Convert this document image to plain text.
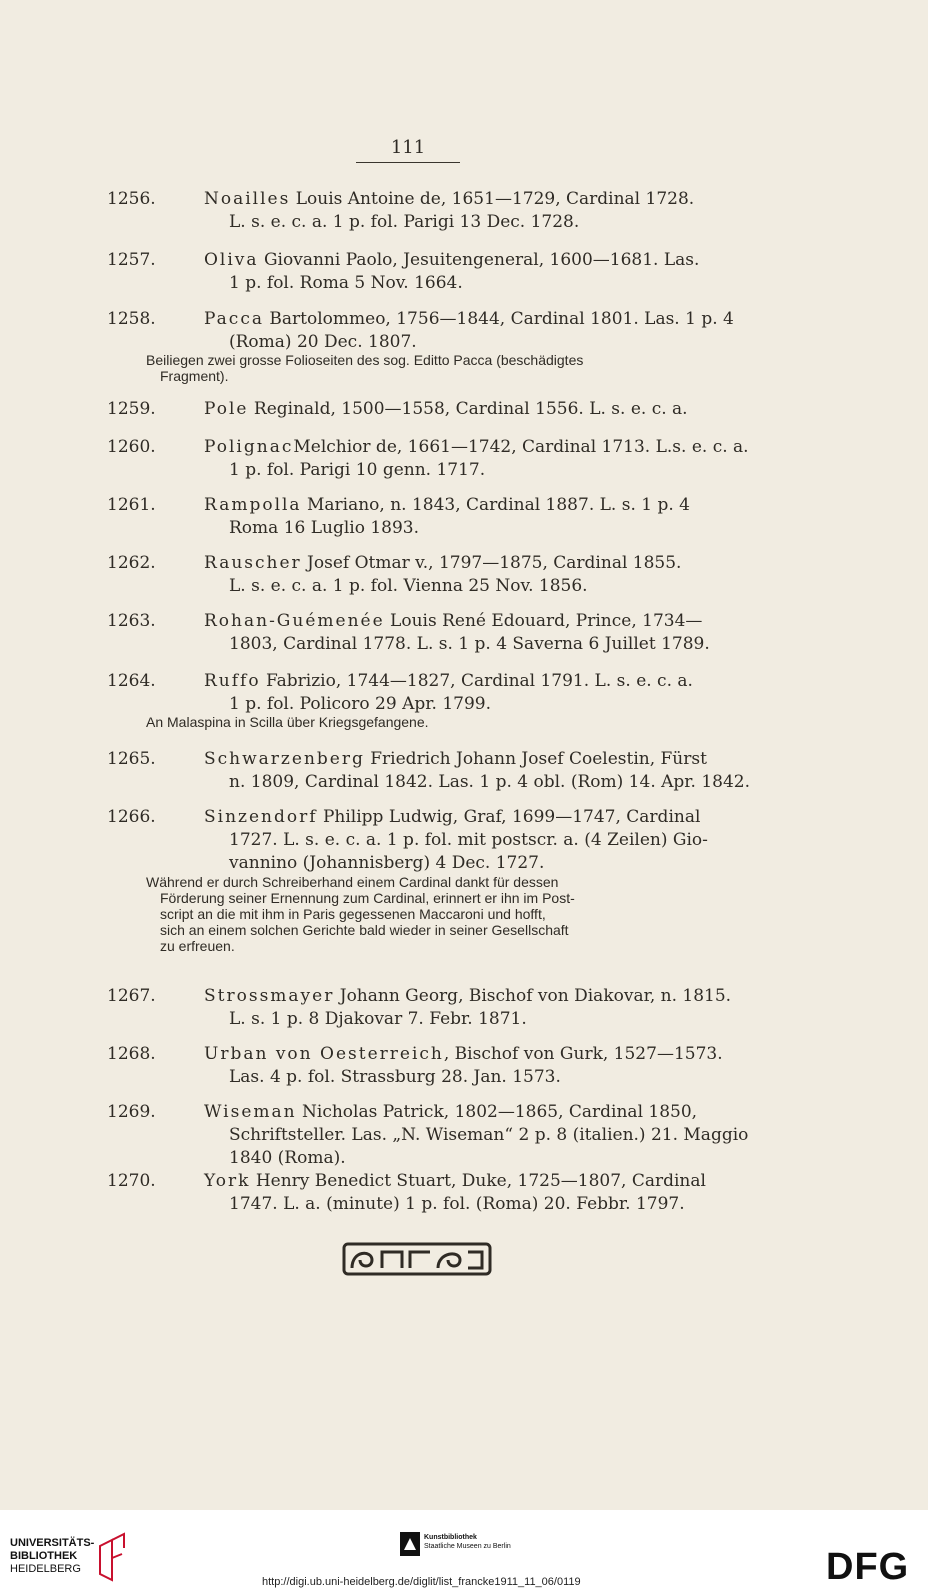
111
1256.	Noailles Louis Antoine de, 1651—1729, Cardinal 1728.
L. s. e. c. a. 1 p. fol. Parigi 13 Dec. 1728.
1257.	Oliva Giovanni Paolo, Jesuitengeneral, 1600—1681. Las.
1 p. fol. Roma 5 Nov. 1664.
1258.	Pacca Bartolommeo, 1756—1844, Cardinal 1801. Las. 1 p. 4
(Roma) 20 Dec. 1807.
Beiliegen zwei grosse Folioseiten des sog. Editto Pacca (beschädigtes
Fragment).
1259.	Pole Reginald, 1500—1558, Cardinal 1556. L. s. e. c. a.
1260.	PolignacMelchior de, 1661—1742, Cardinal 1713. L.s. e. c. a.
1 p. fol. Parigi 10 genn. 1717.
1261.	Rampolla Mariano, n. 1843, Cardinal 1887. L. s. 1 p. 4
Roma 16 Luglio 1893.
1262.	Rauscher Josef Otmar v., 1797—1875, Cardinal 1855.
L. s. e. c. a. 1 p. fol. Vienna 25 Nov. 1856.
1263.	Rohan-Guémenée Louis René Edouard, Prince, 1734—
1803, Cardinal 1778. L. s. 1 p. 4 Saverna 6 Juillet 1789.
1264.	Ruffo Fabrizio, 1744—1827, Cardinal 1791. L. s. e. c. a.
1 p. fol. Policoro 29 Apr. 1799.
An Malaspina in Scilla über Kriegsgefangene.
1265.	Schwarzenberg Friedrich Johann Josef Coelestin, Fürst
n. 1809, Cardinal 1842. Las. 1 p. 4 obl. (Rom) 14. Apr. 1842.
1266.	Sinzendorf Philipp Ludwig, Graf, 1699—1747, Cardinal
1727. L. s. e. c. a. 1 p. fol. mit postscr. a. (4 Zeilen) Gio-
vannino (Johannisberg) 4 Dec. 1727.
Während er durch Schreiberhand einem Cardinal dankt für dessen
Förderung seiner Ernennung zum Cardinal, erinnert er ihn im Post-
script an die mit ihm in Paris gegessenen Maccaroni und hofft,
sich an einem solchen Gerichte bald wieder in seiner Gesellschaft
zu erfreuen.
1267.	Strossmayer Johann Georg, Bischof von Diakovar, n. 1815.
L. s. 1 p. 8 Djakovar 7. Febr. 1871.
1268.	Urban von Oesterreich, Bischof von Gurk, 1527—1573.
Las. 4 p. fol. Strassburg 28. Jan. 1573.
1269.	Wiseman Nicholas Patrick, 1802—1865, Cardinal 1850,
Schriftsteller. Las. „N. Wiseman“ 2 p. 8 (italien.) 21. Maggio
1840 (Roma).
1270.	York Henry Benedict Stuart, Duke, 1725—1807, Cardinal
1747. L. a. (minute) 1 p. fol. (Roma) 20. Febbr. 1797.
UNIVERSITÄTS-
BIBLIOTHEK
HEIDELBERG
Kunstbibliothek
Staatliche Museen zu Berlin	DFG
http://digi.ub.uni-heidelberg.de/diglit/list_francke1911_11_06/0119
